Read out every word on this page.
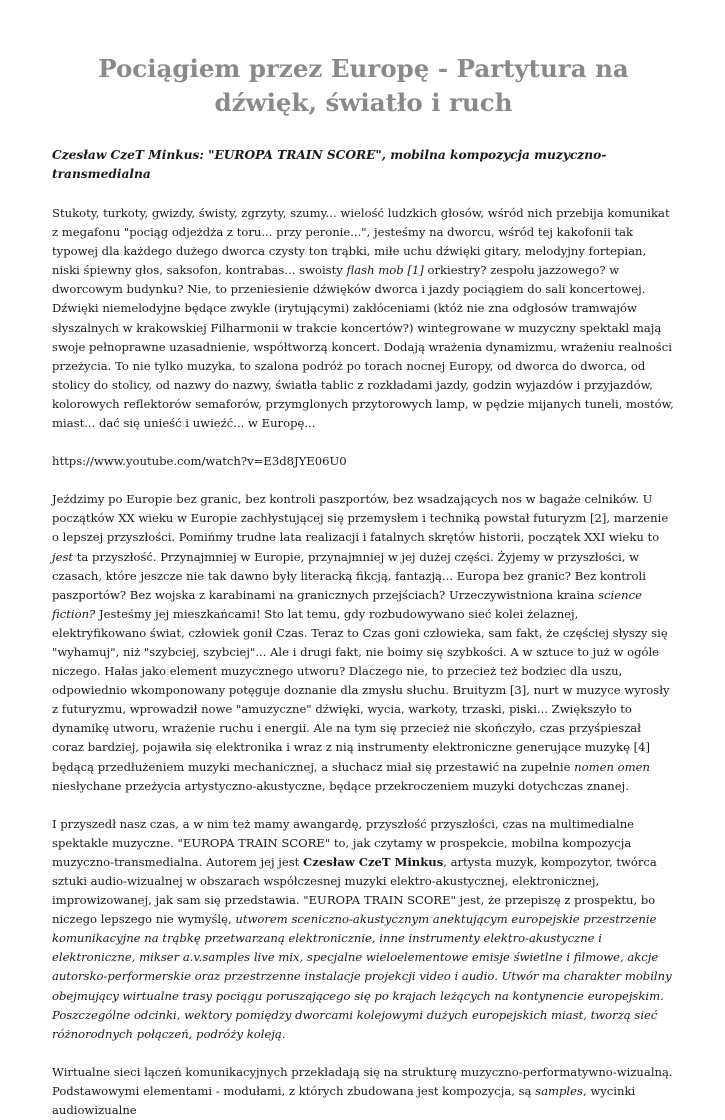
Pociągiem przez Europę - Partytura na dźwięk, światło i ruch

Czesław CzeT Minkus: "EUROPA TRAIN SCORE", mobilna kompozycja muzyczno-transmedialna

Stukoty, turkoty, gwizdy, świsty, zgrzyty, szumy... wielość ludzkich głosów, wśród nich przebija komunikat z megafonu "pociąg odjeżdża z toru... przy peronie...", jesteśmy na dworcu, wśród tej kakofonii tak typowej dla każdego dużego dworca czysty ton trąbki, miłe uchu dźwięki gitary, melodyjny fortepian, niski śpiewny głos, saksofon, kontrabas... swoisty flash mob [1] orkiestry? zespołu jazzowego? w dworcowym budynku? Nie, to przeniesienie dźwięków dworca i jazdy pociągiem do sali koncertowej. Dźwięki niemelodyjne będące zwykle (irytującymi) zakłóceniami (któż nie zna odgłosów tramwajów słyszalnych w krakowskiej Filharmonii w trakcie koncertów?) wintegrowane w muzyczny spektakl mają swoje pełnoprawne uzasadnienie, współtworzą koncert. Dodają wrażenia dynamizmu, wrażeniu realności przeżycia. To nie tylko muzyka, to szalona podróż po torach nocnej Europy, od dworca do dworca, od stolicy do stolicy, od nazwy do nazwy, światła tablic z rozkładami jazdy, godzin wyjazdów i przyjazdów, kolorowych reflektorów semaforów, przymglonych przytorowych lamp, w pędzie mijanych tuneli, mostów, miast... dać się unieść i uwieźć... w Europę...

https://www.youtube.com/watch?v=E3d8JYE06U0

Jeździmy po Europie bez granic, bez kontroli paszportów, bez wsadzających nos w bagaże celników. U początków XX wieku w Europie zachłystującej się przemysłem i techniką powstał futuryzm [2], marzenie o lepszej przyszłości. Pomińmy trudne lata realizacji i fatalnych skrętów historii, początek XXI wieku to jest ta przyszłość. Przynajmniej w Europie, przynajmniej w jej dużej części. Żyjemy w przyszłości, w czasach, które jeszcze nie tak dawno były literacką fikcją, fantazją... Europa bez granic? Bez kontroli paszportów? Bez wojska z karabinami na granicznych przejściach? Urzeczywistniona kraina science fiction? Jesteśmy jej mieszkańcami! Sto lat temu, gdy rozbudowywano sieć kolei żelaznej, elektryfikowano świat, człowiek gonił Czas. Teraz to Czas goni człowieka, sam fakt, że częściej słyszy się "wyhamuj", niż "szybciej, szybciej"... Ale i drugi fakt, nie boimy się szybkości. A w sztuce to już w ogóle niczego. Hałas jako element muzycznego utworu? Dlaczego nie, to przecież też bodziec dla uszu, odpowiednio wkomponowany potęguje doznanie dla zmysłu słuchu. Bruityzm [3], nurt w muzyce wyrosły z futuryzmu, wprowadził nowe "amuzyczne" dźwięki, wycia, warkoty, trzaski, piski... Zwiększyło to dynamikę utworu, wrażenie ruchu i energii. Ale na tym się przecież nie skończyło, czas przyśpieszał coraz bardziej, pojawiła się elektronika i wraz z nią instrumenty elektroniczne generujące muzykę [4] będącą przedłużeniem muzyki mechanicznej, a słuchacz miał się przestawić na zupełnie nomen omen niesłychane przeżycia artystyczno-akustyczne, będące przekroczeniem muzyki dotychczas znanej.

I przyszedł nasz czas, a w nim też mamy awangardę, przyszłość przyszłości, czas na multimedialne spektakle muzyczne. "EUROPA TRAIN SCORE" to, jak czytamy w prospekcie, mobilna kompozycja muzyczno-transmedialna. Autorem jej jest Czesław CzeT Minkus, artysta muzyk, kompozytor, twórca sztuki audio-wizualnej w obszarach współczesnej muzyki elektro-akustycznej, elektronicznej, improwizowanej, jak sam się przedstawia. "EUROPA TRAIN SCORE" jest, że przepiszę z prospektu, bo niczego lepszego nie wymyślę, utworem sceniczno-akustycznym anektującym europejskie przestrzenie komunikacyjne na trąbkę przetwarzaną elektronicznie, inne instrumenty elektro-akustyczne i elektroniczne, mikser a.v.samples live mix, specjalne wieloelementowe emisje świetlne i filmowe, akcje autorsko-performerskie oraz przestrzenne instalacje projekcji video i audio. Utwór ma charakter mobilny obejmujący wirtualne trasy pociągu poruszającego się po krajach leżących na kontynencie europejskim. Poszczególne odcinki, wektory pomiędzy dworcami kolejowymi dużych europejskich miast, tworzą sieć różnorodnych połączeń, podróży koleją.

Wirtualne sieci łączeń komunikacyjnych przekładają się na strukturę muzyczno-performatywno-wizualną. Podstawowymi elementami - modułami, z których zbudowana jest kompozycja, są samples, wycinki audiowizualne
